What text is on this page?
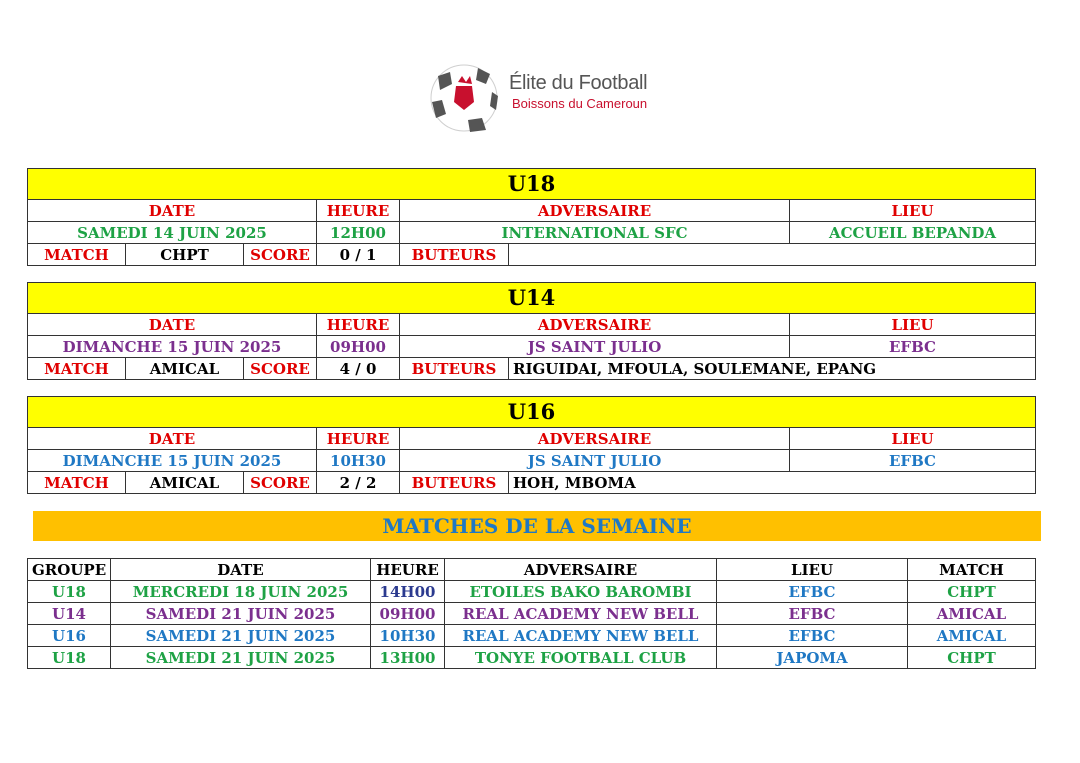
Élite du Football
Boissons du Cameroun
U18						
DATE			HEURE	ADVERSAIRE		LIEU
SAMEDI 14 JUIN 2025			12H00	INTERNATIONAL SFC		ACCUEIL BEPANDA
MATCH	CHPT	SCORE	0 / 1	BUTEURS		
U14						
DATE			HEURE	ADVERSAIRE		LIEU
DIMANCHE 15 JUIN 2025			09H00	JS SAINT JULIO		EFBC
MATCH	AMICAL	SCORE	4 / 0	BUTEURS	RIGUIDAI, MFOULA, SOULEMANE, EPANG	
U16						
DATE			HEURE	ADVERSAIRE		LIEU
DIMANCHE 15 JUIN 2025			10H30	JS SAINT JULIO		EFBC
MATCH	AMICAL	SCORE	2 / 2	BUTEURS	HOH, MBOMA	
MATCHES DE LA SEMAINE
GROUPE	DATE	HEURE	ADVERSAIRE	LIEU	MATCH
U18	MERCREDI 18 JUIN 2025	14H00	ETOILES BAKO BAROMBI	EFBC	CHPT
U14	SAMEDI 21 JUIN 2025	09H00	REAL ACADEMY NEW BELL	EFBC	AMICAL
U16	SAMEDI 21 JUIN 2025	10H30	REAL ACADEMY NEW BELL	EFBC	AMICAL
U18	SAMEDI 21 JUIN 2025	13H00	TONYE FOOTBALL CLUB	JAPOMA	CHPT
